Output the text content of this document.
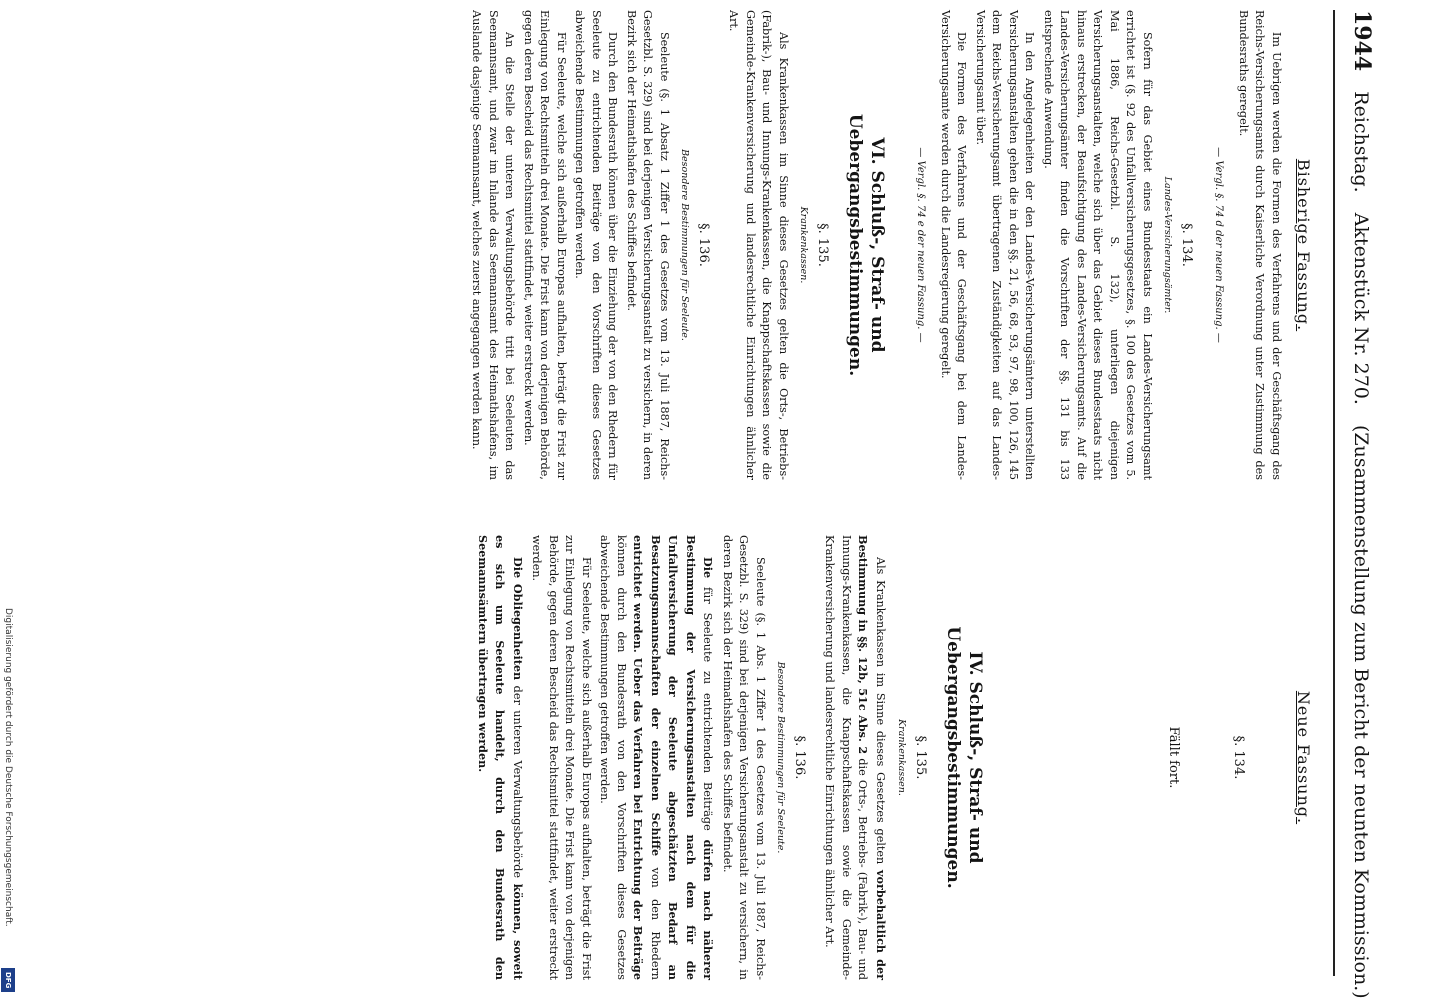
1944 Reichstag. Aktenstück Nr. 270. (Zusammenstellung zum Bericht der neunten Kommission.)
Bisherige Fassung.

Im Uebrigen werden die Formen des Verfahrens und der Geschäftsgang des Reichs-Versicherungsamts durch Kaiserliche Verordnung unter Zustimmung des Bundesraths geregelt.

— Vergl. §. 74 d der neuen Fassung. —

§. 134.

Landes-Versicherungsämter.

Sofern für das Gebiet eines Bundesstaats ein Landes-Versicherungsamt errichtet ist (§. 92 des Unfallversicherungsgesetzes, §. 100 des Gesetzes vom 5. Mai 1886, Reichs-Gesetzbl. S. 132), unterliegen diejenigen Versicherungsanstalten, welche sich über das Gebiet dieses Bundesstaats nicht hinaus erstrecken, der Beaufsichtigung des Landes-Versicherungsamts. Auf die Landes-Versicherungsämter finden die Vorschriften der §§. 131 bis 133 entsprechende Anwendung.

In den Angelegenheiten der den Landes-Versicherungsämtern unterstellten Versicherungsanstalten gehen die in den §§. 21, 56, 68, 93, 97, 98, 100, 126, 145 dem Reichs-Versicherungsamt übertragenen Zuständigkeiten auf das Landes-Versicherungsamt über.

Die Formen des Verfahrens und der Geschäftsgang bei dem Landes-Versicherungsamte werden durch die Landesregierung geregelt.

— Vergl. §. 74 e der neuen Fassung. —

VI. Schluß-, Straf- und Uebergangsbestimmungen.

§. 135.

Krankenkassen.

Als Krankenkassen im Sinne dieses Gesetzes gelten die Orts-, Betriebs- (Fabrik-), Bau- und Innungs-Krankenkassen, die Knappschaftskassen sowie die Gemeinde-Krankenversicherung und landesrechtliche Einrichtungen ähnlicher Art.

§. 136.

Besondere Bestimmungen für Seeleute.

Seeleute (§. 1 Absatz 1 Ziffer 1 des Gesetzes vom 13. Juli 1887, Reichs-Gesetzbl. S. 329) sind bei derjenigen Versicherungsanstalt zu versichern, in deren Bezirk sich der Heimathshafen des Schiffes befindet.

Durch den Bundesrath können über die Einziehung der von den Rhedern für Seeleute zu entrichtenden Beiträge von den Vorschriften dieses Gesetzes abweichende Bestimmungen getroffen werden.

Für Seeleute, welche sich außerhalb Europas aufhalten, beträgt die Frist zur Einlegung von Rechtsmitteln drei Monate. Die Frist kann von derjenigen Behörde, gegen deren Bescheid das Rechtsmittel stattfindet, weiter erstreckt werden.

An die Stelle der unteren Verwaltungsbehörde tritt bei Seeleuten das Seemannsamt, und zwar im Inlande das Seemannsamt des Heimathshafens, im Auslande dasjenige Seemannsamt, welches zuerst angegangen werden kann.

Neue Fassung.

§. 134.

Fällt fort.

IV. Schluß-, Straf- und Uebergangsbestimmungen.

§. 135.

Krankenkassen.

Als Krankenkassen im Sinne dieses Gesetzes gelten vorbehaltlich der Bestimmung in §§. 12b, 51c Abs. 2 die Orts-, Betriebs- (Fabrik-), Bau- und Innungs-Krankenkassen, die Knappschaftskassen sowie die Gemeinde-Krankenversicherung und landesrechtliche Einrichtungen ähnlicher Art.

§. 136.

Besondere Bestimmungen für Seeleute.

Seeleute (§. 1 Abs. 1 Ziffer 1 des Gesetzes vom 13. Juli 1887, Reichs-Gesetzbl. S. 329) sind bei derjenigen Versicherungsanstalt zu versichern, in deren Bezirk sich der Heimathshafen des Schiffes befindet.

Die für Seeleute zu entrichtenden Beiträge dürfen nach näherer Bestimmung der Versicherungsanstalten nach dem für die Unfallversicherung der Seeleute abgeschätzten Bedarf an Besatzungsmannschaften der einzelnen Schiffe von den Rhedern entrichtet werden. Ueber das Verfahren bei Entrichtung der Beiträge können durch den Bundesrath von den Vorschriften dieses Gesetzes abweichende Bestimmungen getroffen werden.

Für Seeleute, welche sich außerhalb Europas aufhalten, beträgt die Frist zur Einlegung von Rechtsmitteln drei Monate. Die Frist kann von derjenigen Behörde, gegen deren Bescheid das Rechtsmittel stattfindet, weiter erstreckt werden.

Die Obliegenheiten der unteren Verwaltungsbehörde können, soweit es sich um Seeleute handelt, durch den Bundesrath den Seemannsämtern übertragen werden.

Digitalisierung gefördert durch die Deutsche Forschungsgemeinschaft.
DFG
